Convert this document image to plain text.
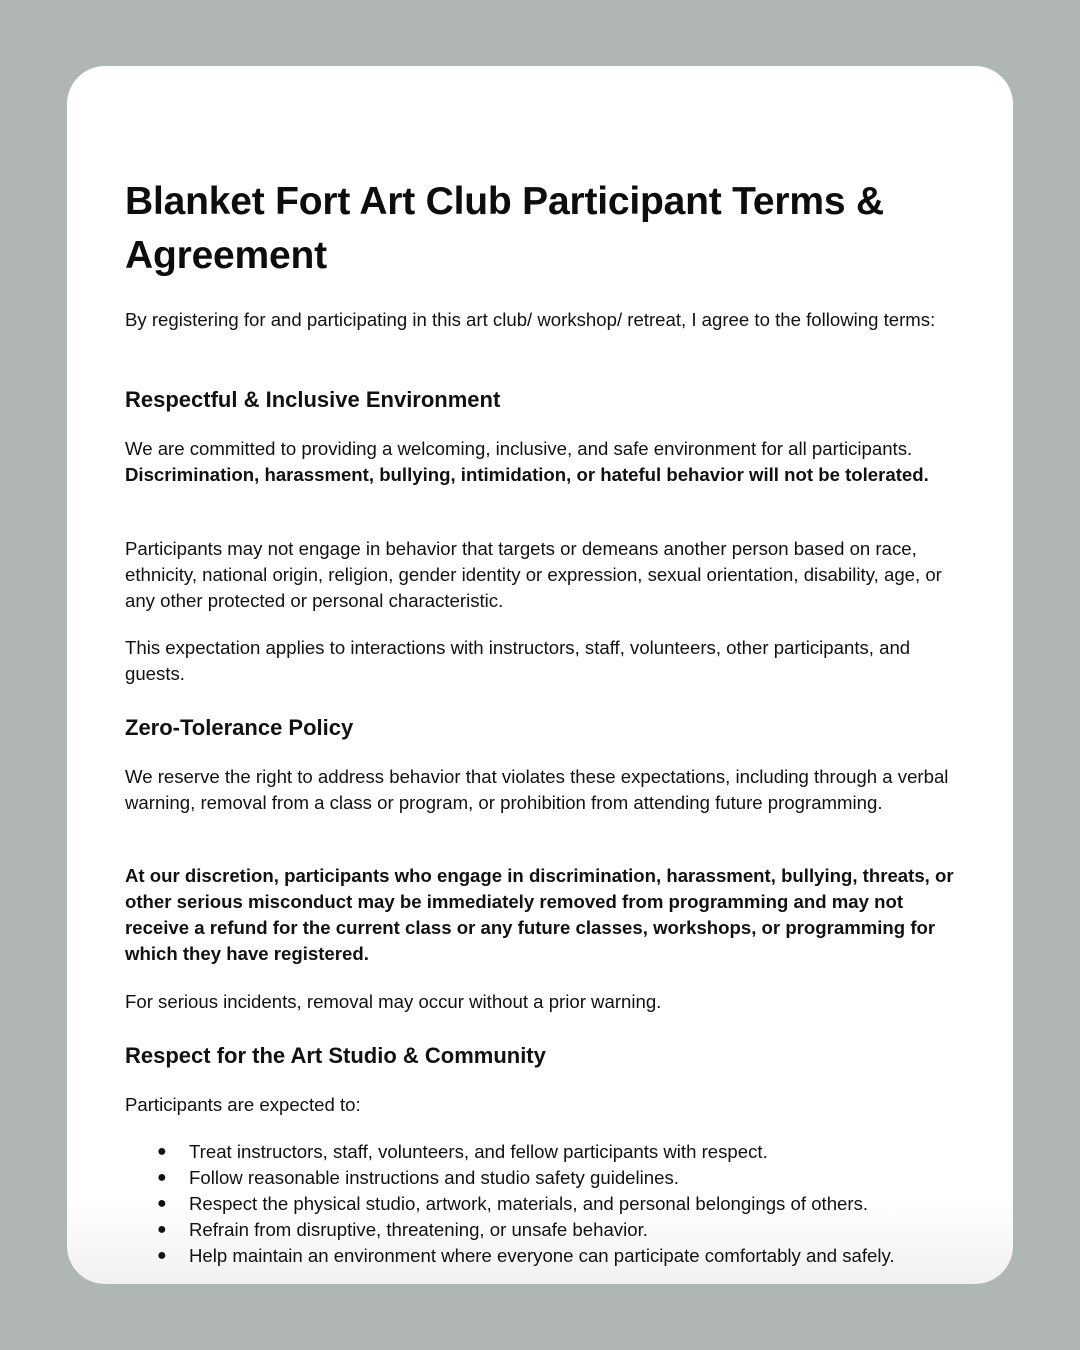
Blanket Fort Art Club Participant Terms & Agreement

By registering for and participating in this art club/ workshop/ retreat, I agree to the following terms:

Respectful & Inclusive Environment

We are committed to providing a welcoming, inclusive, and safe environment for all participants. Discrimination, harassment, bullying, intimidation, or hateful behavior will not be tolerated.

Participants may not engage in behavior that targets or demeans another person based on race, ethnicity, national origin, religion, gender identity or expression, sexual orientation, disability, age, or any other protected or personal characteristic.

This expectation applies to interactions with instructors, staff, volunteers, other participants, and guests.

Zero-Tolerance Policy

We reserve the right to address behavior that violates these expectations, including through a verbal warning, removal from a class or program, or prohibition from attending future programming.

At our discretion, participants who engage in discrimination, harassment, bullying, threats, or other serious misconduct may be immediately removed from programming and may not receive a refund for the current class or any future classes, workshops, or programming for which they have registered.

For serious incidents, removal may occur without a prior warning.

Respect for the Art Studio & Community

Participants are expected to:

● Treat instructors, staff, volunteers, and fellow participants with respect.
● Follow reasonable instructions and studio safety guidelines.
● Respect the physical studio, artwork, materials, and personal belongings of others.
● Refrain from disruptive, threatening, or unsafe behavior.
● Help maintain an environment where everyone can participate comfortably and safely.
